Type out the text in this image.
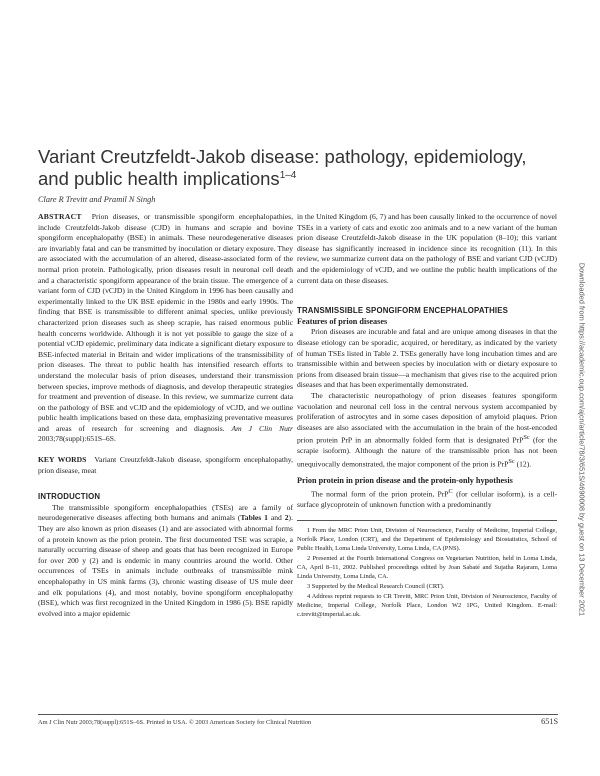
Variant Creutzfeldt-Jakob disease: pathology, epidemiology, and public health implications$^{1-4}$
Clare R Trevitt and Pramil N Singh

ABSTRACT Prion diseases, or transmissible spongiform encephalopathies, include Creutzfeldt-Jakob disease (CJD) in humans and scrapie and bovine spongiform encephalopathy (BSE) in animals. These neurodegenerative diseases are invariably fatal and can be transmitted by inoculation or dietary exposure. They are associated with the accumulation of an altered, disease-associated form of the normal prion protein. Pathologically, prion diseases result in neuronal cell death and a characteristic spongiform appearance of the brain tissue. The emergence of a variant form of CJD (vCJD) in the United Kingdom in 1996 has been causally and experimentally linked to the UK BSE epidemic in the 1980s and early 1990s. The finding that BSE is transmissible to different animal species, unlike previously characterized prion diseases such as sheep scrapie, has raised enormous public health concerns worldwide. Although it is not yet possible to gauge the size of a potential vCJD epidemic, preliminary data indicate a significant dietary exposure to BSE-infected material in Britain and wider implications of the transmissibility of prion diseases. The threat to public health has intensified research efforts to understand the molecular basis of prion diseases, understand their transmission between species, improve methods of diagnosis, and develop therapeutic strategies for treatment and prevention of disease. In this review, we summarize current data on the pathology of BSE and vCJD and the epidemiology of vCJD, and we outline public health implications based on these data, emphasizing preventative measures and areas of research for screening and diagnosis. Am J Clin Nutr 2003;78(suppl):651S–6S.

KEY WORDS Variant Creutzfeldt-Jakob disease, spongiform encephalopathy, prion disease, meat

INTRODUCTION

The transmissible spongiform encephalopathies (TSEs) are a family of neurodegenerative diseases affecting both humans and animals (Tables 1 and 2). They are also known as prion diseases (1) and are associated with abnormal forms of a protein known as the prion protein. The first documented TSE was scrapie, a naturally occurring disease of sheep and goats that has been recognized in Europe for over 200 y (2) and is endemic in many countries around the world. Other occurrences of TSEs in animals include outbreaks of transmissible mink encephalopathy in US mink farms (3), chronic wasting disease of US mule deer and elk populations (4), and most notably, bovine spongiform encephalopathy (BSE), which was first recognized in the United Kingdom in 1986 (5). BSE rapidly evolved into a major epidemic

in the United Kingdom (6, 7) and has been causally linked to the occurrence of novel TSEs in a variety of cats and exotic zoo animals and to a new variant of the human prion disease Creutzfeldt-Jakob disease in the UK population (8–10); this variant disease has significantly increased in incidence since its recognition (11). In this review, we summarize current data on the pathology of BSE and variant CJD (vCJD) and the epidemiology of vCJD, and we outline the public health implications of the current data on these diseases.

TRANSMISSIBLE SPONGIFORM ENCEPHALOPATHIES

Features of prion diseases

Prion diseases are incurable and fatal and are unique among diseases in that the disease etiology can be sporadic, acquired, or hereditary, as indicated by the variety of human TSEs listed in Table 2. TSEs generally have long incubation times and are transmissible within and between species by inoculation with or dietary exposure to prions from diseased brain tissue—a mechanism that gives rise to the acquired prion diseases and that has been experimentally demonstrated.

The characteristic neuropathology of prion diseases features spongiform vacuolation and neuronal cell loss in the central nervous system accompanied by proliferation of astrocytes and in some cases deposition of amyloid plaques. Prion diseases are also associated with the accumulation in the brain of the host-encoded prion protein PrP in an abnormally folded form that is designated PrP$^{Sc}$ (for the scrapie isoform). Although the nature of the transmissible prion has not been unequivocally demonstrated, the major component of the prion is PrP$^{Sc}$ (12).

Prion protein in prion disease and the protein-only hypothesis

The normal form of the prion protein, PrP$^C$ (for cellular isoform), is a cell-surface glycoprotein of unknown function with a predominantly

1 From the MRC Prion Unit, Division of Neuroscience, Faculty of Medicine, Imperial College, Norfolk Place, London (CRT), and the Department of Epidemiology and Biostatistics, School of Public Health, Loma Linda University, Loma Linda, CA (PNS).

2 Presented at the Fourth International Congress on Vegetarian Nutrition, held in Loma Linda, CA, April 8–11, 2002. Published proceedings edited by Joan Sabaté and Sujatha Rajaram, Loma Linda University, Loma Linda, CA.

3 Supported by the Medical Research Council (CRT).

4 Address reprint requests to CR Trevitt, MRC Prion Unit, Division of Neuroscience, Faculty of Medicine, Imperial College, Norfolk Place, London W2 1PG, United Kingdom. E-mail: c.trevitt@imperial.ac.uk.	Downloaded from https://academic.oup.com/ajcn/article/78/3/651S/4690008 by guest on 13 December 2021
Am J Clin Nutr 2003;78(suppl):651S–6S. Printed in USA. © 2003 American Society for Clinical Nutrition	651S
